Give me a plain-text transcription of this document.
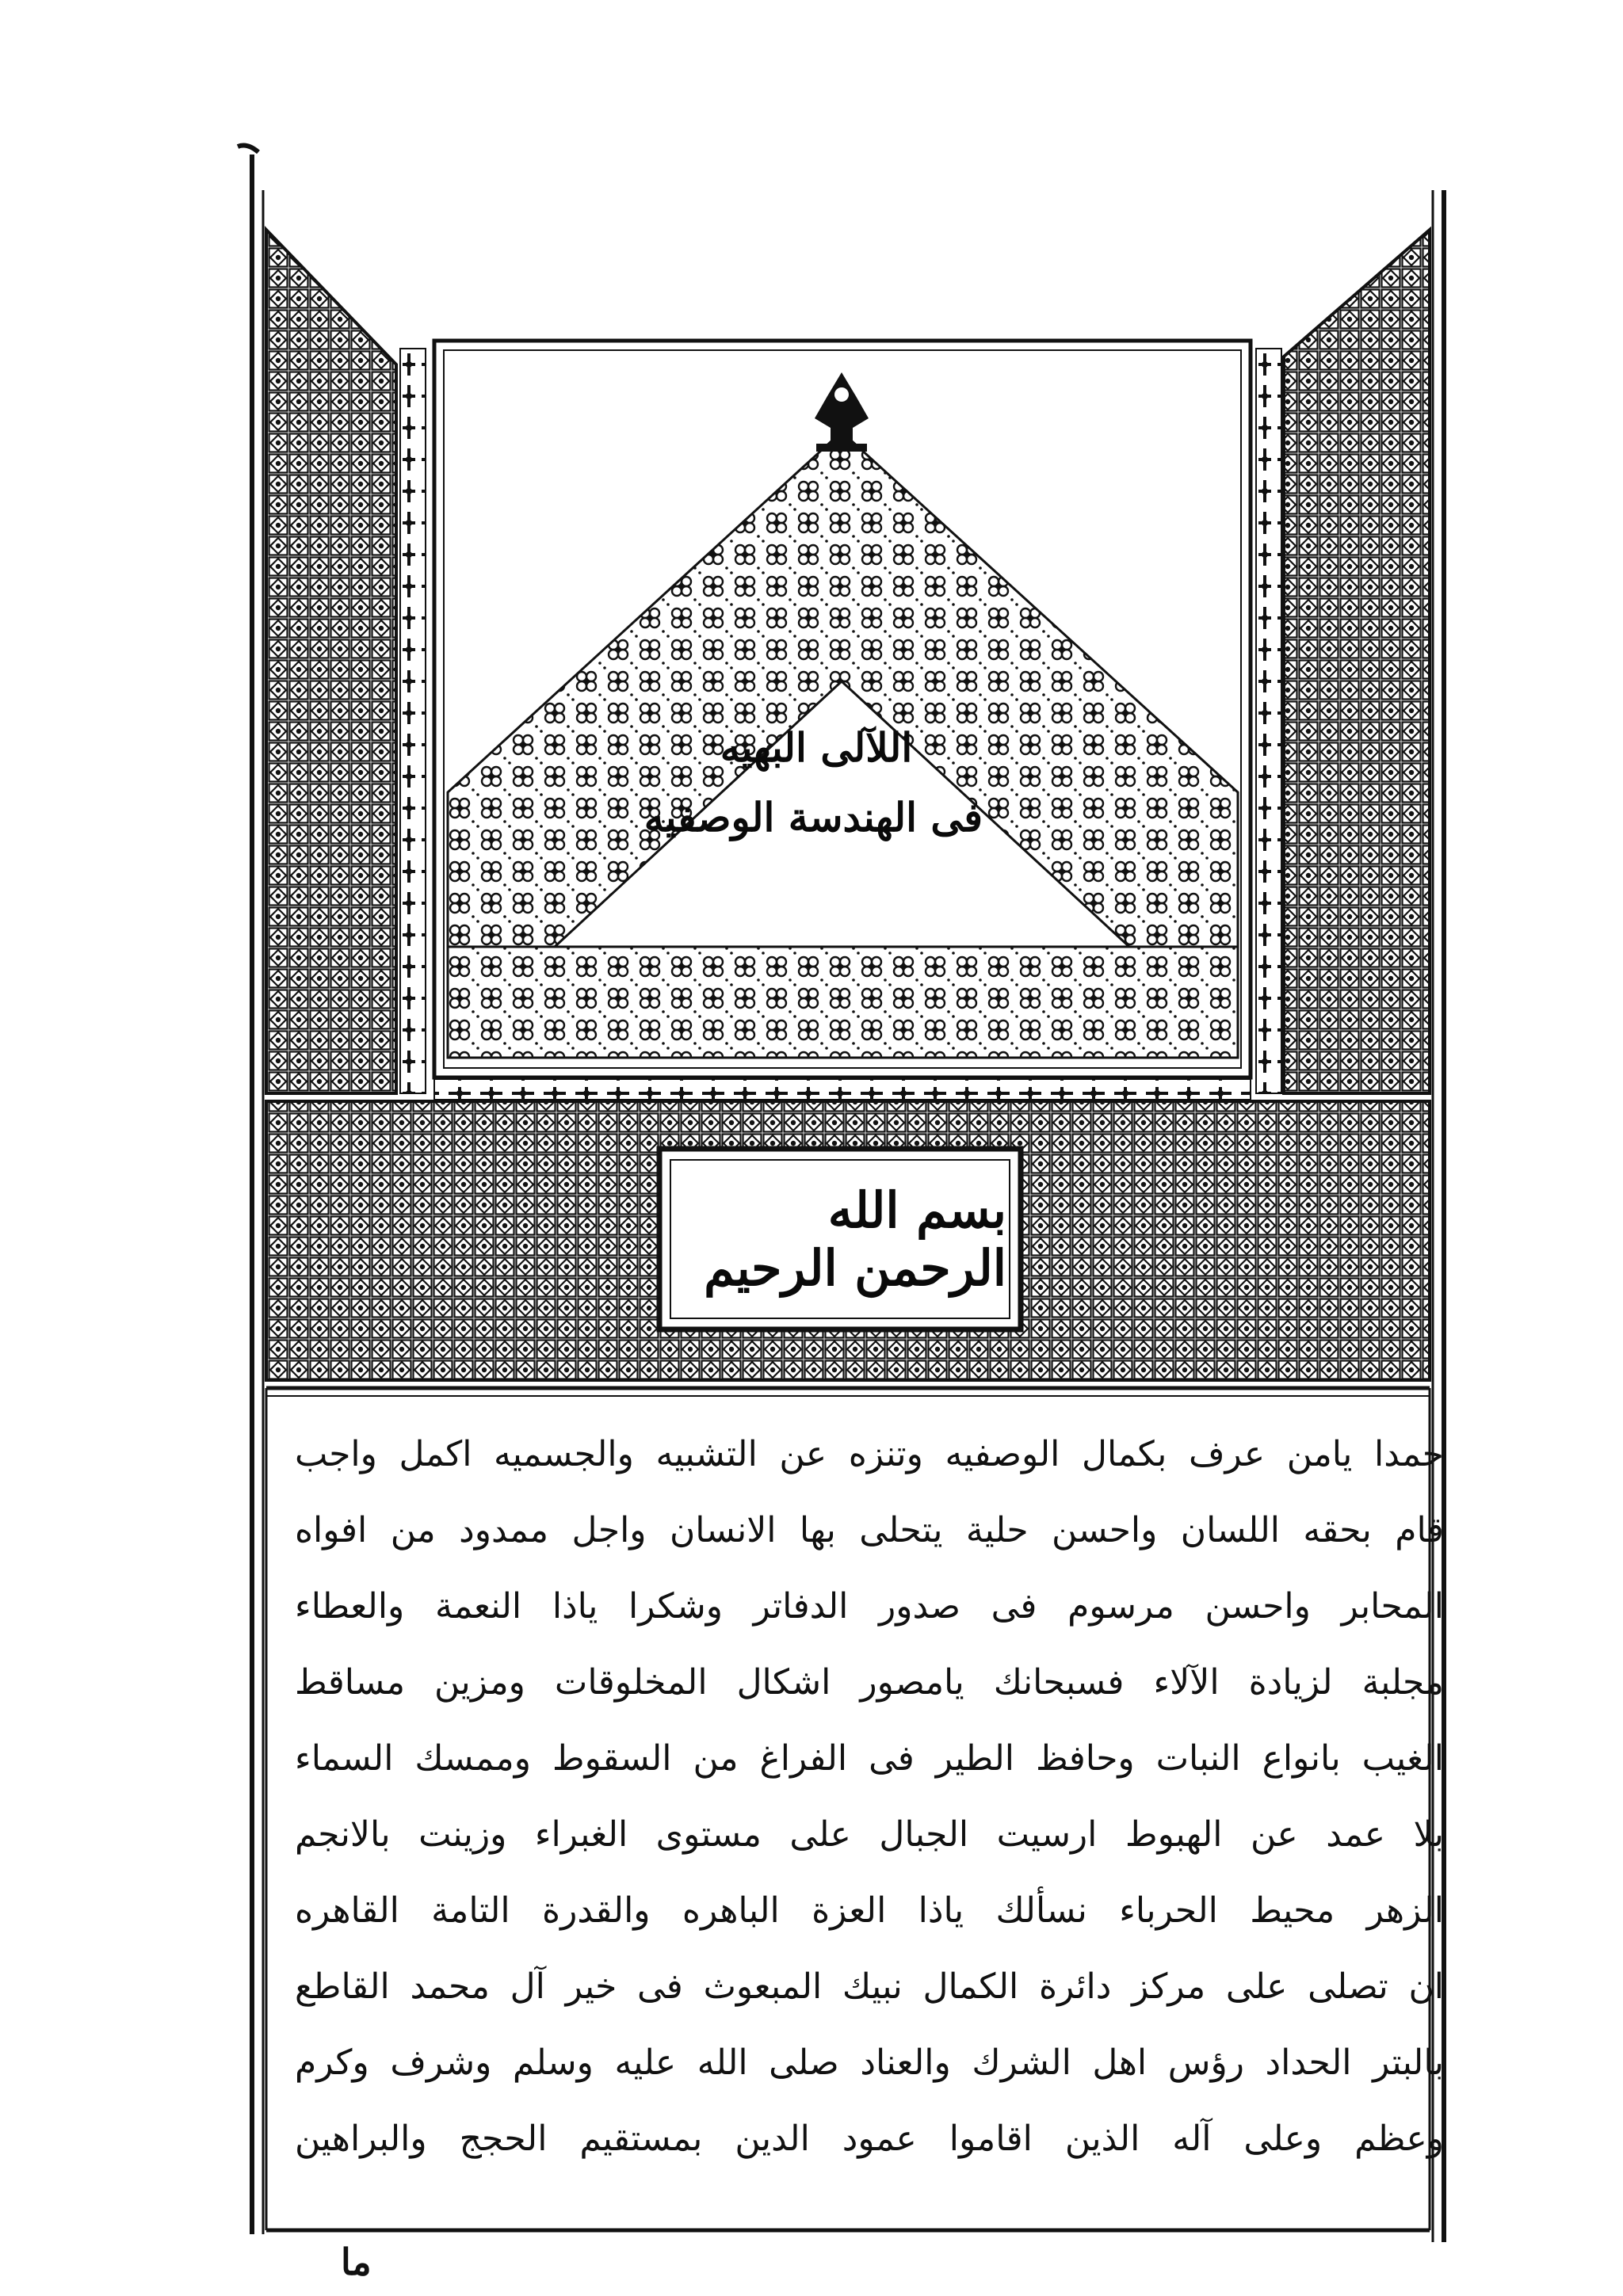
اللآلی البهیه
فی الهندسة الوصفیه
بسم الله الرحمن الرحیم
حمدا یامن عرف بکمال الوصفیه وتنزه عن التشبیه والجسمیه اکمل واجب
قام بحقه اللسان واحسن حلیة یتحلی بها الانسان واجل ممدود من افواه
المحابر واحسن مرسوم فی صدور الدفاتر وشکرا یاذا النعمة والعطاء
مجلبة لزیادة الآلاء فسبحانك یامصور اشکال المخلوقات ومزین مساقط
الغیب بانواع النبات وحافظ الطیر فی الفراغ من السقوط وممسك السماء
بلا عمد عن الهبوط ارسیت الجبال علی مستوی الغبراء وزینت بالانجم
الزهر محیط الحرباء نسألك یاذا العزة الباهره والقدرة التامة القاهره
ان تصلی علی مرکز دائرة الکمال نبیك المبعوث فی خیر آل محمد القاطع
بالبتر الحداد رؤس اهل الشرك والعناد صلی الله علیه وسلم وشرف وکرم
وعظم وعلی آله الذین اقاموا عمود الدین بمستقیم الحجج والبراهین
ما
